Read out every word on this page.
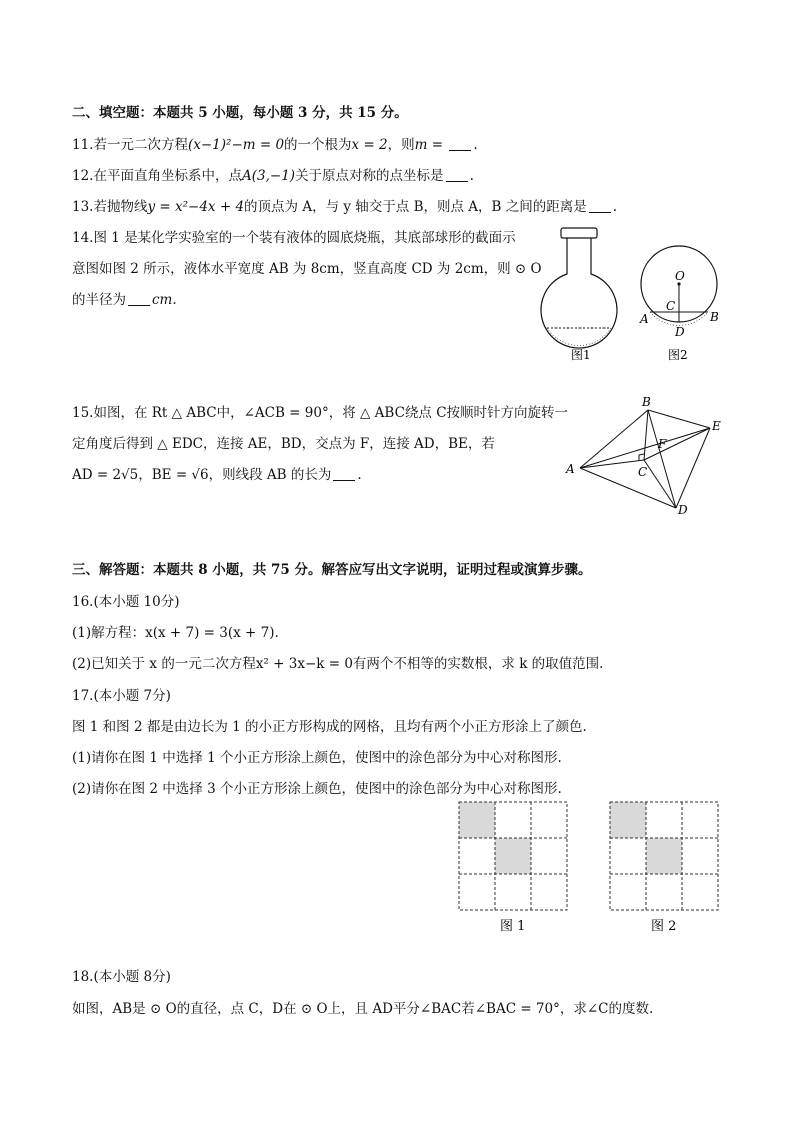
二、填空题：本题共 5 小题，每小题 3 分，共 15 分。
11.若一元二次方程(x−1)²−m = 0的一个根为x = 2，则m = .
12.在平面直角坐标系中，点A(3,−1)关于原点对称的点坐标是 .
13.若抛物线y = x²−4x + 4的顶点为 A，与 y 轴交于点 B，则点 A，B 之间的距离是 .
14.图 1 是某化学实验室的一个装有液体的圆底烧瓶，其底部球形的截面示
意图如图 2 所示，液体水平宽度 AB 为 8cm，竖直高度 CD 为 2cm，则 ⊙ O
的半径为 cm.
图1
O
C
A	B
D
图2
15.如图，在 Rt △ ABC中，∠ACB = 90°，将 △ ABC绕点 C按顺时针方向旋转一
定角度后得到 △ EDC，连接 AE，BD，交点为 F，连接 AD，BE，若
AD = 2√5，BE = √6，则线段 AB 的长为 .	A
B
C
D
E
F
三、解答题：本题共 8 小题，共 75 分。解答应写出文字说明，证明过程或演算步骤。
16.(本小题 10分)
(1)解方程：x(x + 7) = 3(x + 7).
(2)已知关于 x 的一元二次方程x² + 3x−k = 0有两个不相等的实数根，求 k 的取值范围.
17.(本小题 7分)
图 1 和图 2 都是由边长为 1 的小正方形构成的网格，且均有两个小正方形涂上了颜色.
(1)请你在图 1 中选择 1 个小正方形涂上颜色，使图中的涂色部分为中心对称图形.
(2)请你在图 2 中选择 3 个小正方形涂上颜色，使图中的涂色部分为中心对称图形.
图 1	图 2
18.(本小题 8分)
如图，AB是 ⊙ O的直径，点 C，D在 ⊙ O上，且 AD平分∠BAC若∠BAC = 70°，求∠C的度数.
